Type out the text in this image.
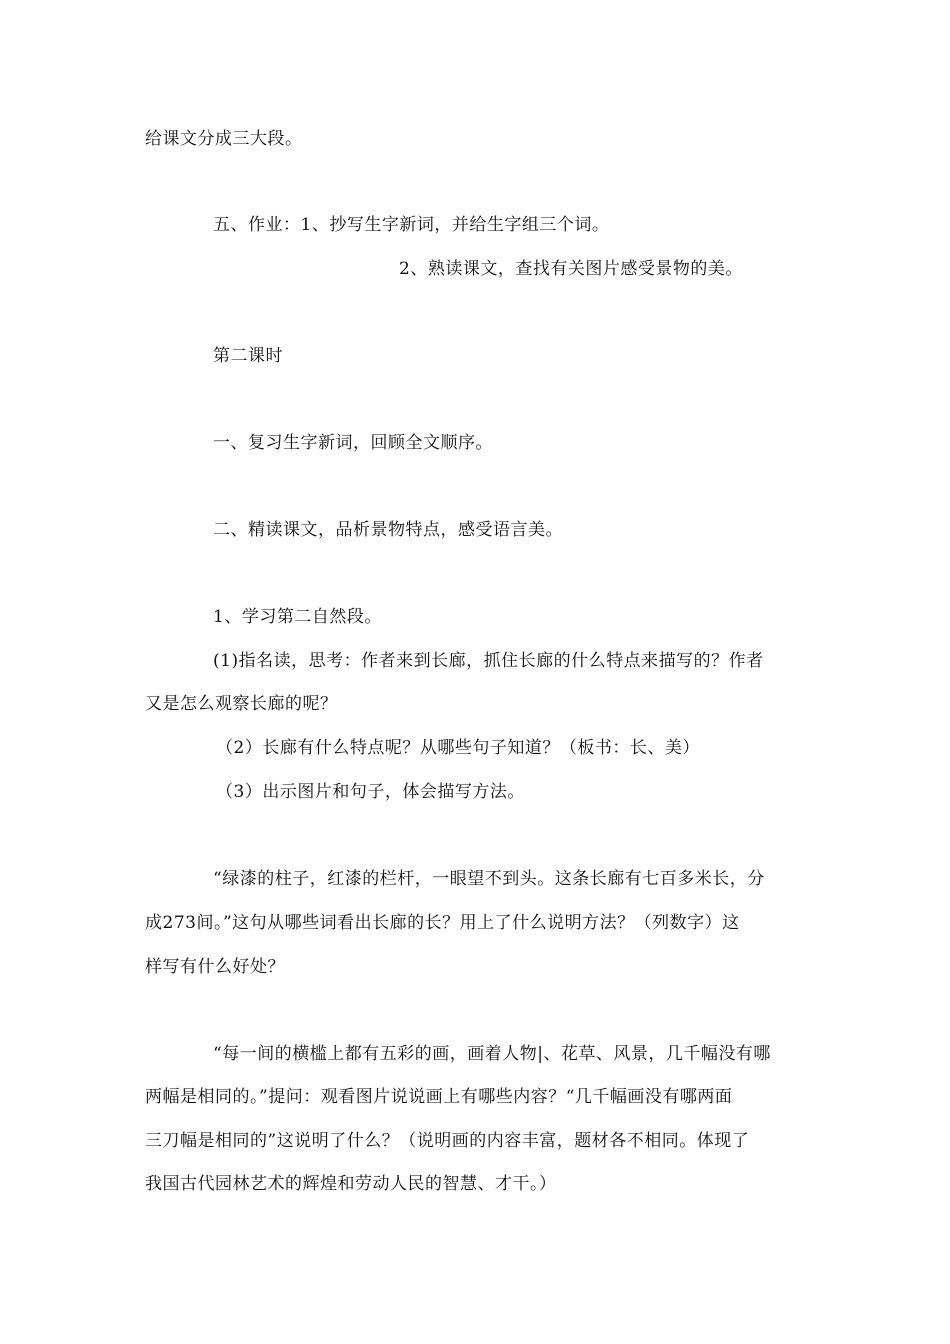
给课文分成三大段。
五、作业：1、抄写生字新词，并给生字组三个词。
2、熟读课文，查找有关图片感受景物的美。
第二课时
一、复习生字新词，回顾全文顺序。
二、精读课文，品析景物特点，感受语言美。
1、学习第二自然段。
(1)指名读，思考：作者来到长廊，抓住长廊的什么特点来描写的？作者
又是怎么观察长廊的呢？
（2）长廊有什么特点呢？从哪些句子知道？（板书：长、美）
（3）出示图片和句子，体会描写方法。
“绿漆的柱子，红漆的栏杆，一眼望不到头。这条长廊有七百多米长，分
成273间。”这句从哪些词看出长廊的长？用上了什么说明方法？（列数字）这
样写有什么好处？
“每一间的横槛上都有五彩的画，画着人物|、花草、风景，几千幅没有哪
两幅是相同的。”提问：观看图片说说画上有哪些内容？“几千幅画没有哪两面
三刀幅是相同的”这说明了什么？（说明画的内容丰富，题材各不相同。体现了
我国古代园林艺术的辉煌和劳动人民的智慧、才干。）
